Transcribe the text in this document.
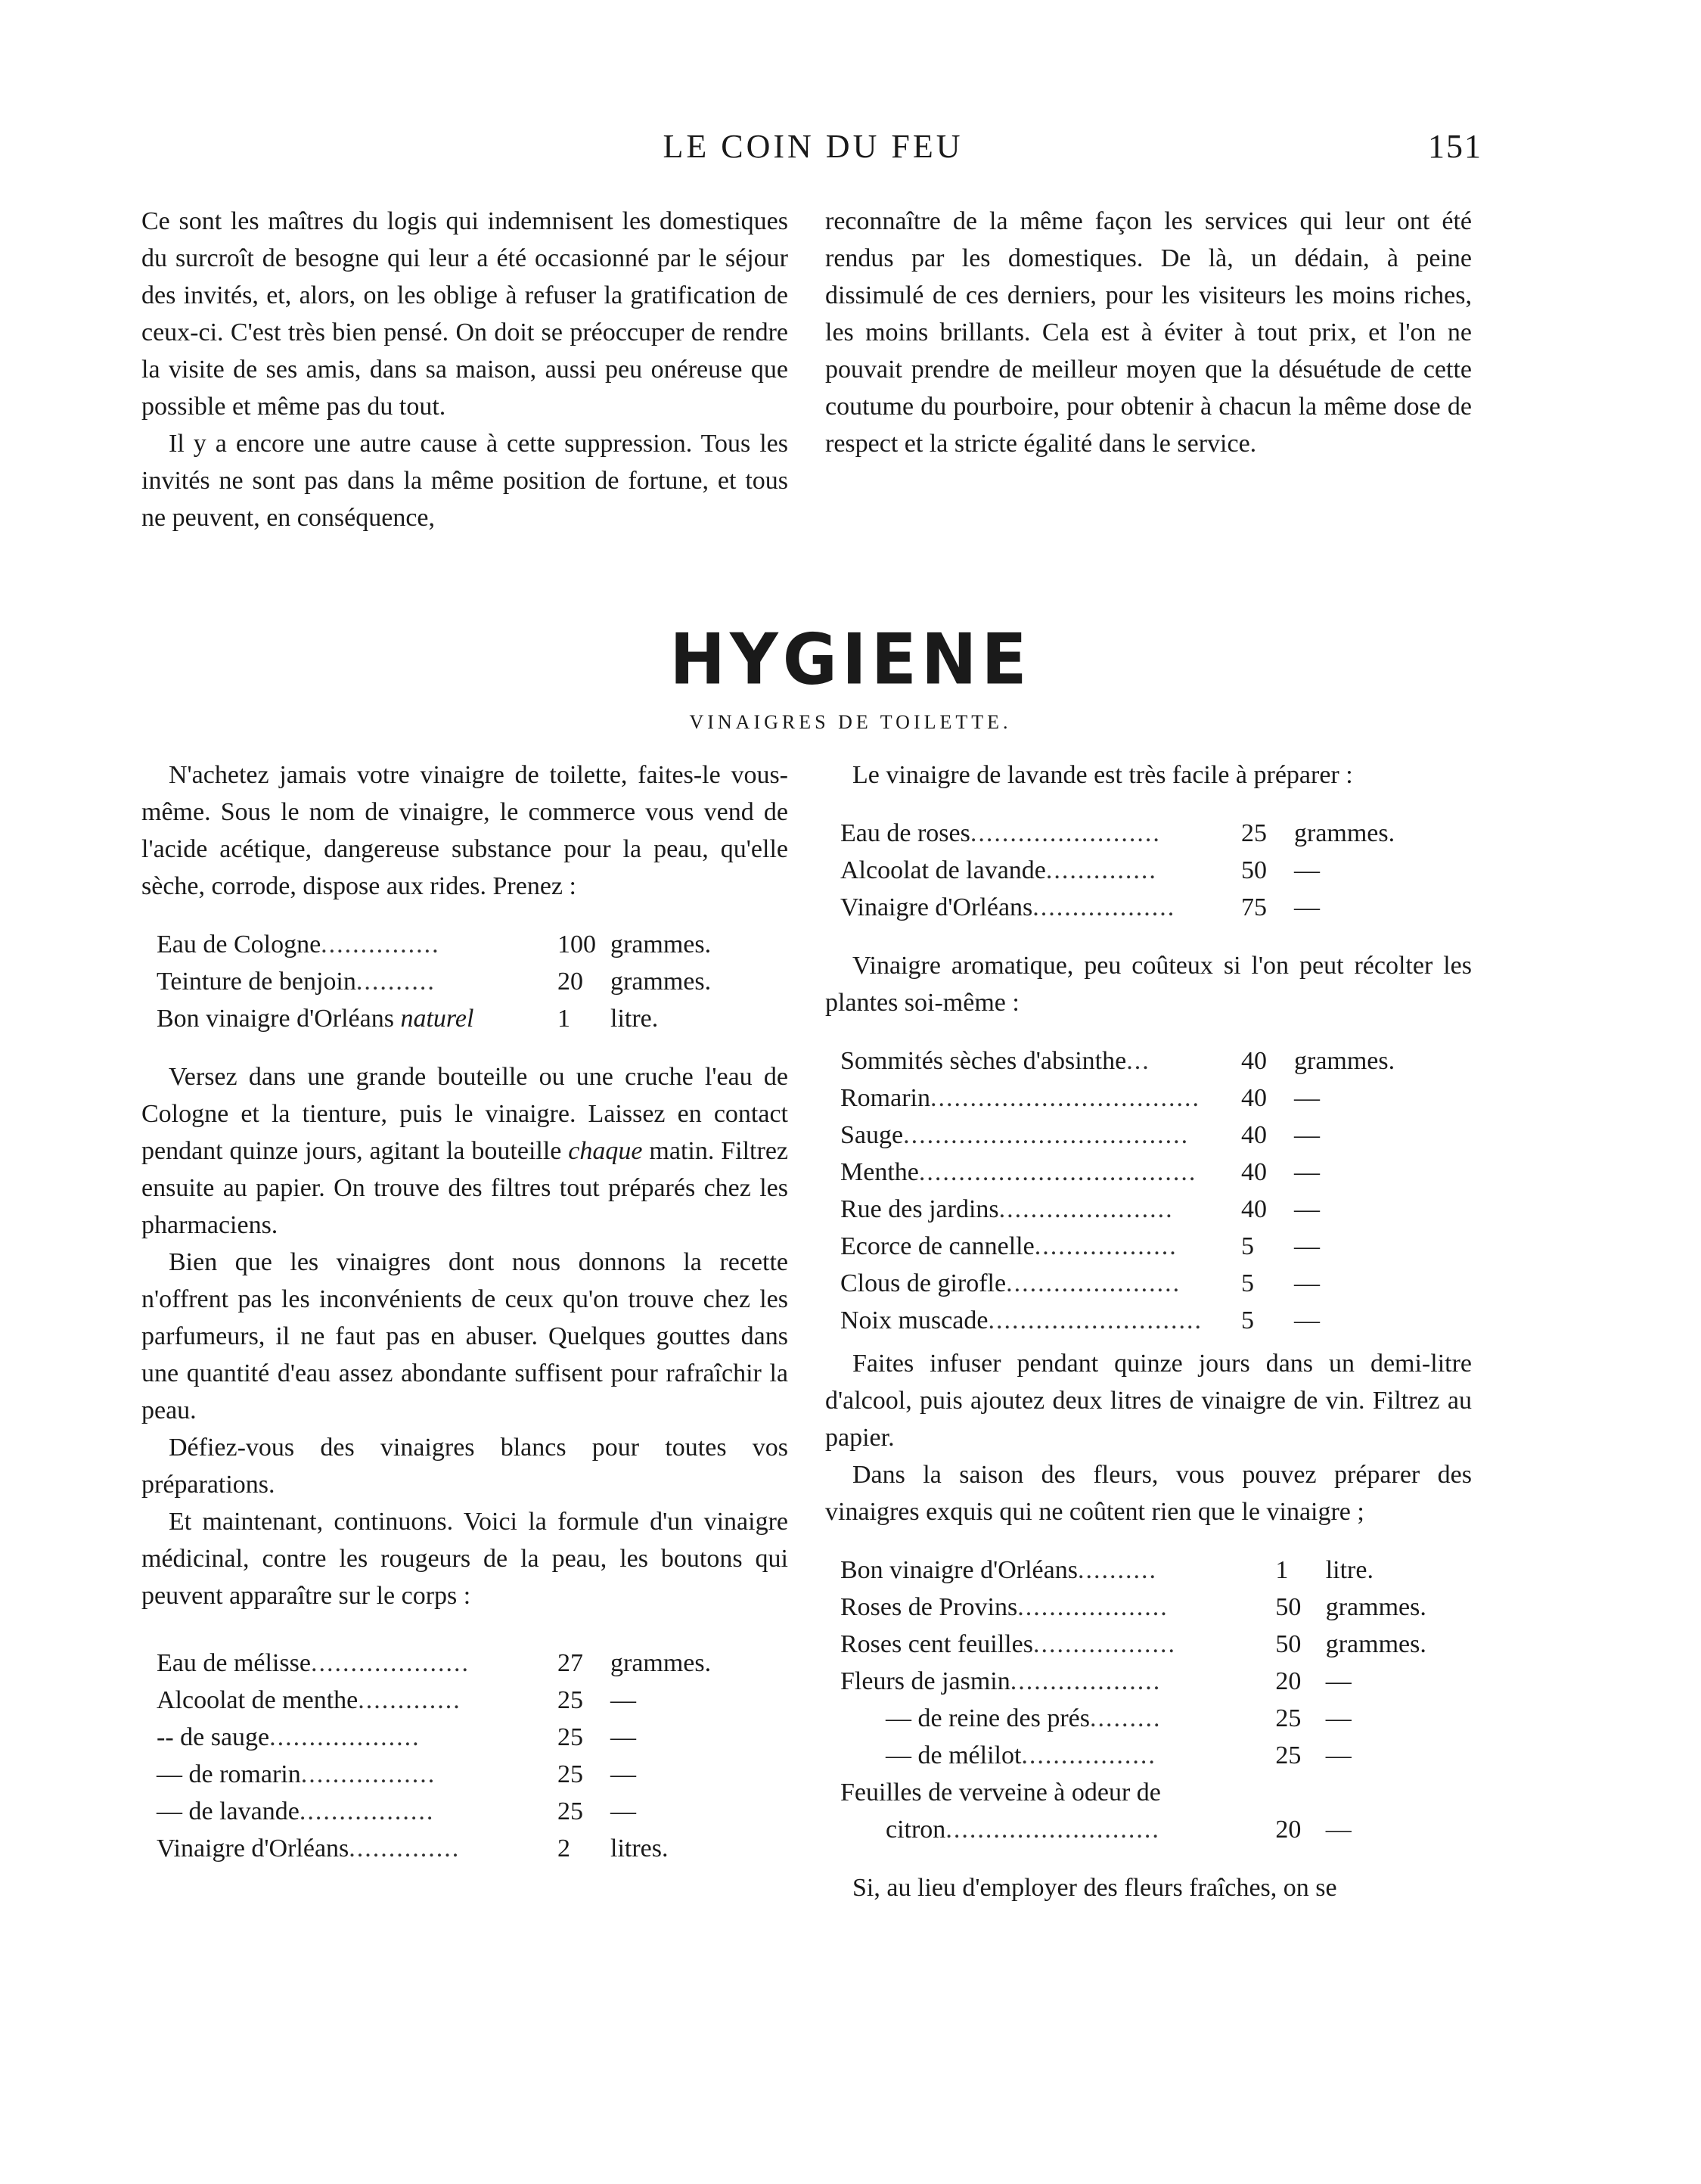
LE COIN DU FEU	151

Ce sont les maîtres du logis qui indemnisent les domestiques du surcroît de besogne qui leur a été occasionné par le séjour des invités, et, alors, on les oblige à refuser la gratification de ceux-ci. C'est très bien pensé. On doit se préoccuper de rendre la visite de ses amis, dans sa maison, aussi peu onéreuse que possible et même pas du tout.

Il y a encore une autre cause à cette suppression. Tous les invités ne sont pas dans la même position de fortune, et tous ne peuvent, en conséquence,

reconnaître de la même façon les services qui leur ont été rendus par les domestiques. De là, un dédain, à peine dissimulé de ces derniers, pour les visiteurs les moins riches, les moins brillants. Cela est à éviter à tout prix, et l'on ne pouvait prendre de meilleur moyen que la désuétude de cette coutume du pourboire, pour obtenir à chacun la même dose de respect et la stricte égalité dans le service.

HYGIENE
VINAIGRES DE TOILETTE.

N'achetez jamais votre vinaigre de toilette, faites-le vous-même. Sous le nom de vinaigre, le commerce vous vend de l'acide acétique, dangereuse substance pour la peau, qu'elle sèche, corrode, dispose aux rides. Prenez :

Eau de Cologne...............	100	grammes.
Teinture de benjoin..........	20	grammes.
Bon vinaigre d'Orléans naturel	1	litre.

Versez dans une grande bouteille ou une cruche l'eau de Cologne et la tienture, puis le vinaigre. Laissez en contact pendant quinze jours, agitant la bouteille chaque matin. Filtrez ensuite au papier. On trouve des filtres tout préparés chez les pharmaciens.

Bien que les vinaigres dont nous donnons la recette n'offrent pas les inconvénients de ceux qu'on trouve chez les parfumeurs, il ne faut pas en abuser. Quelques gouttes dans une quantité d'eau assez abondante suffisent pour rafraîchir la peau.

Défiez-vous des vinaigres blancs pour toutes vos préparations.

Et maintenant, continuons. Voici la formule d'un vinaigre médicinal, contre les rougeurs de la peau, les boutons qui peuvent apparaître sur le corps :

Eau de mélisse....................	27	grammes.
Alcoolat de menthe.............	25	—
-- de sauge...................	25	—
— de romarin.................	25	—
— de lavande.................	25	—
Vinaigre d'Orléans..............	2	litres.

Le vinaigre de lavande est très facile à préparer :

Eau de roses........................	25	grammes.
Alcoolat de lavande..............	50	—
Vinaigre d'Orléans..................	75	—

Vinaigre aromatique, peu coûteux si l'on peut récolter les plantes soi-même :

Sommités sèches d'absinthe...	40	grammes.
Romarin..................................	40	—
Sauge....................................	40	—
Menthe...................................	40	—
Rue des jardins......................	40	—
Ecorce de cannelle..................	5	—
Clous de girofle......................	5	—
Noix muscade...........................	5	—

Faites infuser pendant quinze jours dans un demi-litre d'alcool, puis ajoutez deux litres de vinaigre de vin. Filtrez au papier.

Dans la saison des fleurs, vous pouvez préparer des vinaigres exquis qui ne coûtent rien que le vinaigre ;

Bon vinaigre d'Orléans..........	1	litre.
Roses de Provins...................	50	grammes.
Roses cent feuilles..................	50	grammes.
Fleurs de jasmin...................	20	—
— de reine des prés.........	25	—
— de mélilot.................	25	—
Feuilles de verveine à odeur de		
citron...........................	20	—

Si, au lieu d'employer des fleurs fraîches, on se
